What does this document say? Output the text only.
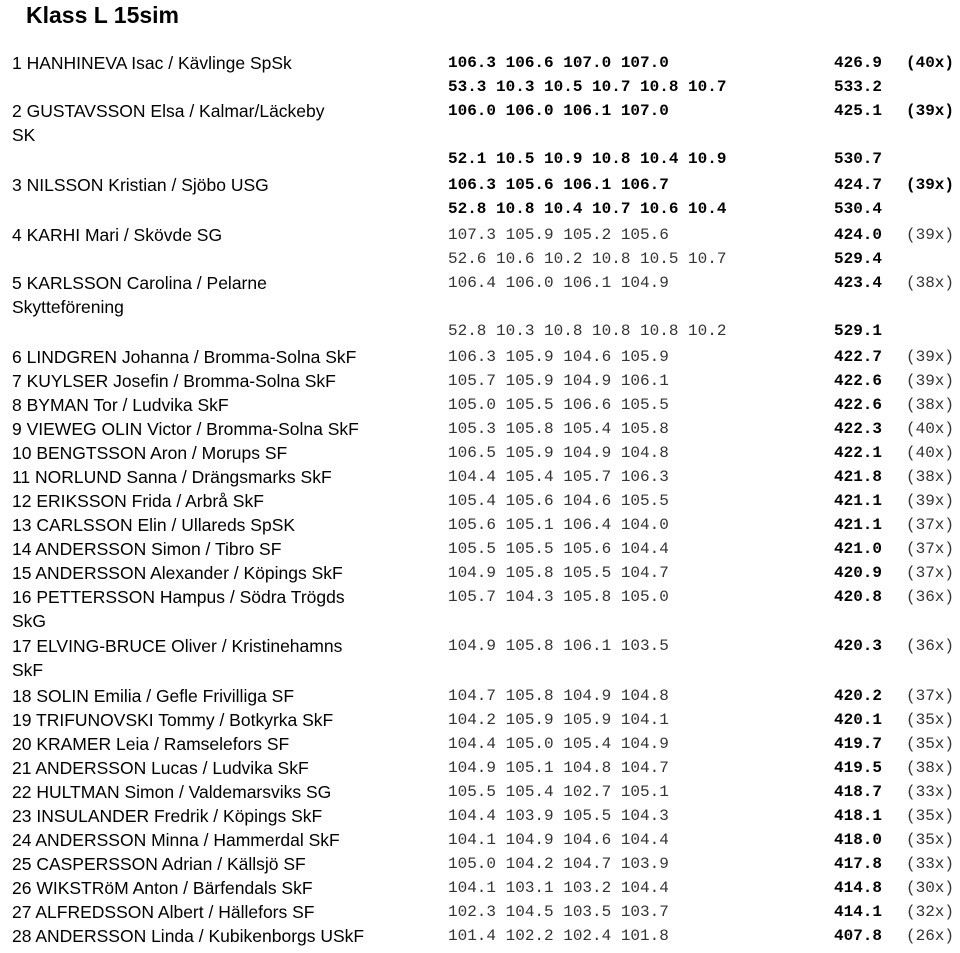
Klass L 15sim
1 HANHINEVA Isac / Kävlinge SpSk	106.3 106.6 107.0 107.0	426.9 (40x)
53.3 10.3 10.5 10.7 10.8 10.7	533.2
2 GUSTAVSSON Elsa / Kalmar/Läckeby
SK
106.0 106.0 106.1 107.0	425.1 (39x)
52.1 10.5 10.9 10.8 10.4 10.9	530.7
3 NILSSON Kristian / Sjöbo USG	106.3 105.6 106.1 106.7	424.7 (39x)
52.8 10.8 10.4 10.7 10.6 10.4	530.4
4 KARHI Mari / Skövde SG	107.3 105.9 105.2 105.6	424.0 (39x)
52.6 10.6 10.2 10.8 10.5 10.7	529.4
5 KARLSSON Carolina / Pelarne
Skytteförening
106.4 106.0 106.1 104.9	423.4 (38x)
52.8 10.3 10.8 10.8 10.8 10.2	529.1
6 LINDGREN Johanna / Bromma-Solna SkF	106.3 105.9 104.6 105.9	422.7 (39x)
7 KUYLSER Josefin / Bromma-Solna SkF	105.7 105.9 104.9 106.1	422.6 (39x)
8 BYMAN Tor / Ludvika SkF	105.0 105.5 106.6 105.5	422.6 (38x)
9 VIEWEG OLIN Victor / Bromma-Solna SkF	105.3 105.8 105.4 105.8	422.3 (40x)
10 BENGTSSON Aron / Morups SF	106.5 105.9 104.9 104.8	422.1 (40x)
11 NORLUND Sanna / Drängsmarks SkF	104.4 105.4 105.7 106.3	421.8 (38x)
12 ERIKSSON Frida / Arbrå SkF	105.4 105.6 104.6 105.5	421.1 (39x)
13 CARLSSON Elin / Ullareds SpSK	105.6 105.1 106.4 104.0	421.1 (37x)
14 ANDERSSON Simon / Tibro SF	105.5 105.5 105.6 104.4	421.0 (37x)
15 ANDERSSON Alexander / Köpings SkF	104.9 105.8 105.5 104.7	420.9 (37x)
16 PETTERSSON Hampus / Södra Trögds
SkG
105.7 104.3 105.8 105.0	420.8 (36x)
17 ELVING-BRUCE Oliver / Kristinehamns
SkF
104.9 105.8 106.1 103.5	420.3 (36x)
18 SOLIN Emilia / Gefle Frivilliga SF	104.7 105.8 104.9 104.8	420.2 (37x)
19 TRIFUNOVSKI Tommy / Botkyrka SkF	104.2 105.9 105.9 104.1	420.1 (35x)
20 KRAMER Leia / Ramselefors SF	104.4 105.0 105.4 104.9	419.7 (35x)
21 ANDERSSON Lucas / Ludvika SkF	104.9 105.1 104.8 104.7	419.5 (38x)
22 HULTMAN Simon / Valdemarsviks SG	105.5 105.4 102.7 105.1	418.7 (33x)
23 INSULANDER Fredrik / Köpings SkF	104.4 103.9 105.5 104.3	418.1 (35x)
24 ANDERSSON Minna / Hammerdal SkF	104.1 104.9 104.6 104.4	418.0 (35x)
25 CASPERSSON Adrian / Källsjö SF	105.0 104.2 104.7 103.9	417.8 (33x)
26 WIKSTRöM Anton / Bärfendals SkF	104.1 103.1 103.2 104.4	414.8 (30x)
27 ALFREDSSON Albert / Hällefors SF	102.3 104.5 103.5 103.7	414.1 (32x)
28 ANDERSSON Linda / Kubikenborgs USkF	101.4 102.2 102.4 101.8	407.8 (26x)
